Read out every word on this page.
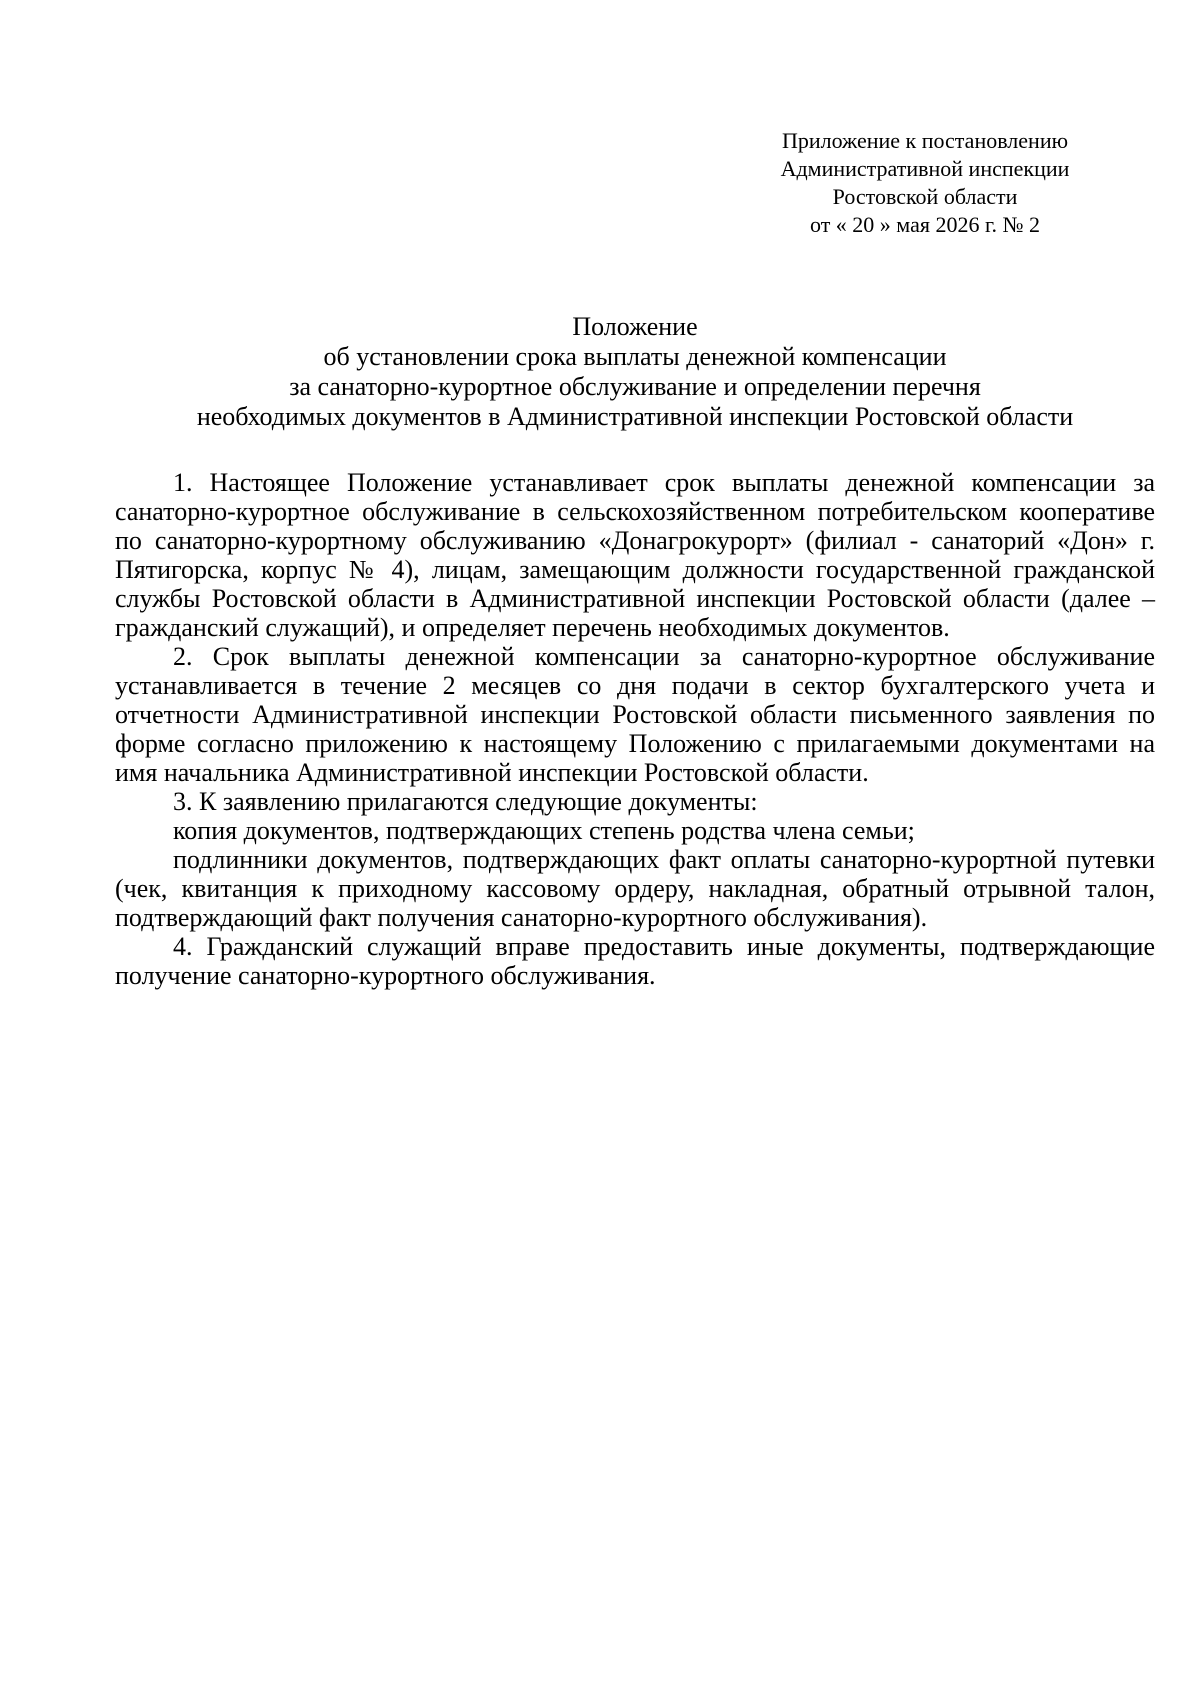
Приложение к постановлению
Административной инспекции
Ростовской области
от « 20 » мая 2026 г. № 2
Положение
об установлении срока выплаты денежной компенсации
за санаторно-курортное обслуживание и определении перечня
необходимых документов в Административной инспекции Ростовской области

1. Настоящее Положение устанавливает срок выплаты денежной компенсации за санаторно-курортное обслуживание в сельскохозяйственном потребительском кооперативе по санаторно-курортному обслуживанию «Донагрокурорт» (филиал - санаторий «Дон» г. Пятигорска, корпус № 4), лицам, замещающим должности государственной гражданской службы Ростовской области в Административной инспекции Ростовской области (далее – гражданский служащий), и определяет перечень необходимых документов.

2. Срок выплаты денежной компенсации за санаторно-курортное обслуживание устанавливается в течение 2 месяцев со дня подачи в сектор бухгалтерского учета и отчетности Административной инспекции Ростовской области письменного заявления по форме согласно приложению к настоящему Положению с прилагаемыми документами на имя начальника Административной инспекции Ростовской области.

3. К заявлению прилагаются следующие документы:

копия документов, подтверждающих степень родства члена семьи;

подлинники документов, подтверждающих факт оплаты санаторно-курортной путевки (чек, квитанция к приходному кассовому ордеру, накладная, обратный отрывной талон, подтверждающий факт получения санаторно-курортного обслуживания).

4. Гражданский служащий вправе предоставить иные документы, подтверждающие получение санаторно-курортного обслуживания.
